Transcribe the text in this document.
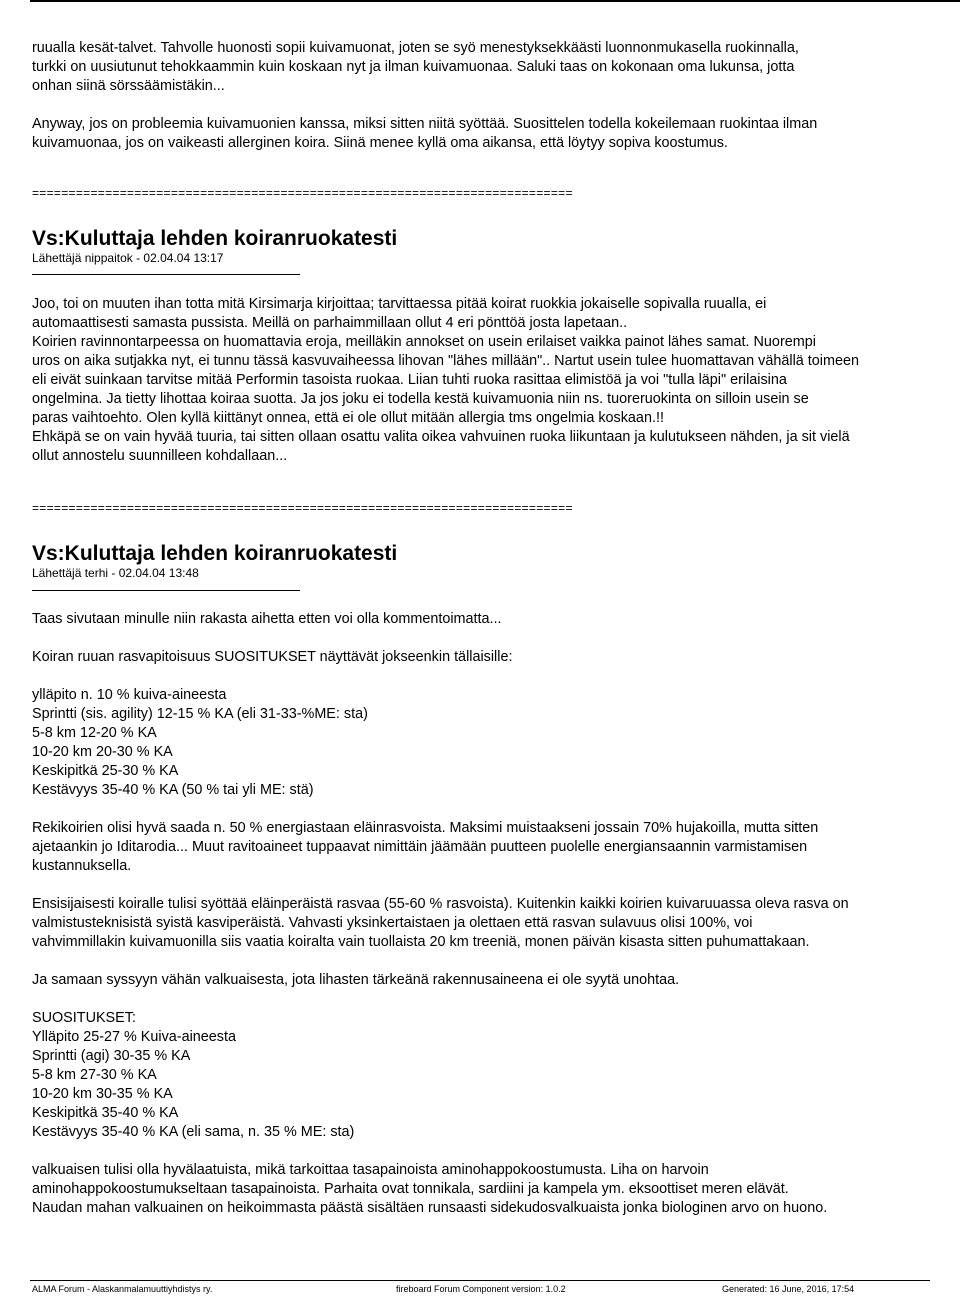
ruualla kesät-talvet. Tahvolle huonosti sopii kuivamuonat, joten se syö menestyksekkäästi luonnonmukasella ruokinnalla,
turkki on uusiutunut tehokkaammin kuin koskaan nyt ja ilman kuivamuonaa. Saluki taas on kokonaan oma lukunsa, jotta
onhan siinä sörssäämistäkin...

Anyway, jos on probleemia kuivamuonien kanssa, miksi sitten niitä syöttää. Suosittelen todella kokeilemaan ruokintaa ilman
kuivamuonaa, jos on vaikeasti allerginen koira. Siinä menee kyllä oma aikansa, että löytyy sopiva koostumus.

==========================================================================

Vs:Kuluttaja lehden koiranruokatesti

Lähettäjä nippaitok - 02.04.04 13:17

Joo, toi on muuten ihan totta mitä Kirsimarja kirjoittaa; tarvittaessa pitää koirat ruokkia jokaiselle sopivalla ruualla, ei
automaattisesti samasta pussista. Meillä on parhaimmillaan ollut 4 eri pönttöä josta lapetaan..
Koirien ravinnontarpeessa on huomattavia eroja, meilläkin annokset on usein erilaiset vaikka painot lähes samat. Nuorempi
uros on aika sutjakka nyt, ei tunnu tässä kasvuvaiheessa lihovan "lähes millään".. Nartut usein tulee huomattavan vähällä toimeen
eli eivät suinkaan tarvitse mitää Performin tasoista ruokaa. Liian tuhti ruoka rasittaa elimistöä ja voi "tulla läpi" erilaisina
ongelmina. Ja tietty lihottaa koiraa suotta. Ja jos joku ei todella kestä kuivamuonia niin ns. tuoreruokinta on silloin usein se
paras vaihtoehto. Olen kyllä kiittänyt onnea, että ei ole ollut mitään allergia tms ongelmia koskaan.!!
Ehkäpä se on vain hyvää tuuria, tai sitten ollaan osattu valita oikea vahvuinen ruoka liikuntaan ja kulutukseen nähden, ja sit vielä
ollut annostelu suunnilleen kohdallaan...

==========================================================================

Vs:Kuluttaja lehden koiranruokatesti

Lähettäjä terhi - 02.04.04 13:48

Taas sivutaan minulle niin rakasta aihetta etten voi olla kommentoimatta...

Koiran ruuan rasvapitoisuus SUOSITUKSET näyttävät jokseenkin tällaisille:

ylläpito n. 10 % kuiva-aineesta
Sprintti (sis. agility) 12-15 % KA (eli 31-33-%ME: sta)
5-8 km 12-20 % KA
10-20 km 20-30 % KA
Keskipitkä 25-30 % KA
Kestävyys 35-40 % KA (50 % tai yli ME: stä)

Rekikoirien olisi hyvä saada n. 50 % energiastaan eläinrasvoista. Maksimi muistaakseni jossain 70% hujakoilla, mutta sitten
ajetaankin jo Iditarodia... Muut ravitoaineet tuppaavat nimittäin jäämään puutteen puolelle energiansaannin varmistamisen
kustannuksella.

Ensisijaisesti koiralle tulisi syöttää eläinperäistä rasvaa (55-60 % rasvoista). Kuitenkin kaikki koirien kuivaruuassa oleva rasva on
valmistusteknisistä syistä kasviperäistä. Vahvasti yksinkertaistaen ja olettaen että rasvan sulavuus olisi 100%, voi
vahvimmillakin kuivamuonilla siis vaatia koiralta vain tuollaista 20 km treeniä, monen päivän kisasta sitten puhumattakaan.

Ja samaan syssyyn vähän valkuaisesta, jota lihasten tärkeänä rakennusaineena ei ole syytä unohtaa.

SUOSITUKSET:
Ylläpito 25-27 % Kuiva-aineesta
Sprintti (agi) 30-35 % KA
5-8 km 27-30 % KA
10-20 km 30-35 % KA
Keskipitkä 35-40 % KA
Kestävyys 35-40 % KA (eli sama, n. 35 % ME: sta)

valkuaisen tulisi olla hyvälaatuista, mikä tarkoittaa tasapainoista aminohappokoostumusta. Liha on harvoin
aminohappokoostumukseltaan tasapainoista. Parhaita ovat tonnikala, sardiini ja kampela ym. eksoottiset meren elävät.
Naudan mahan valkuainen on heikoimmasta päästä sisältäen runsaasti sidekudosvalkuaista jonka biologinen arvo on huono.

ALMA Forum - Alaskanmalamuuttiyhdistys ry.	fireboard Forum Component version: 1.0.2	Generated: 16 June, 2016, 17:54
